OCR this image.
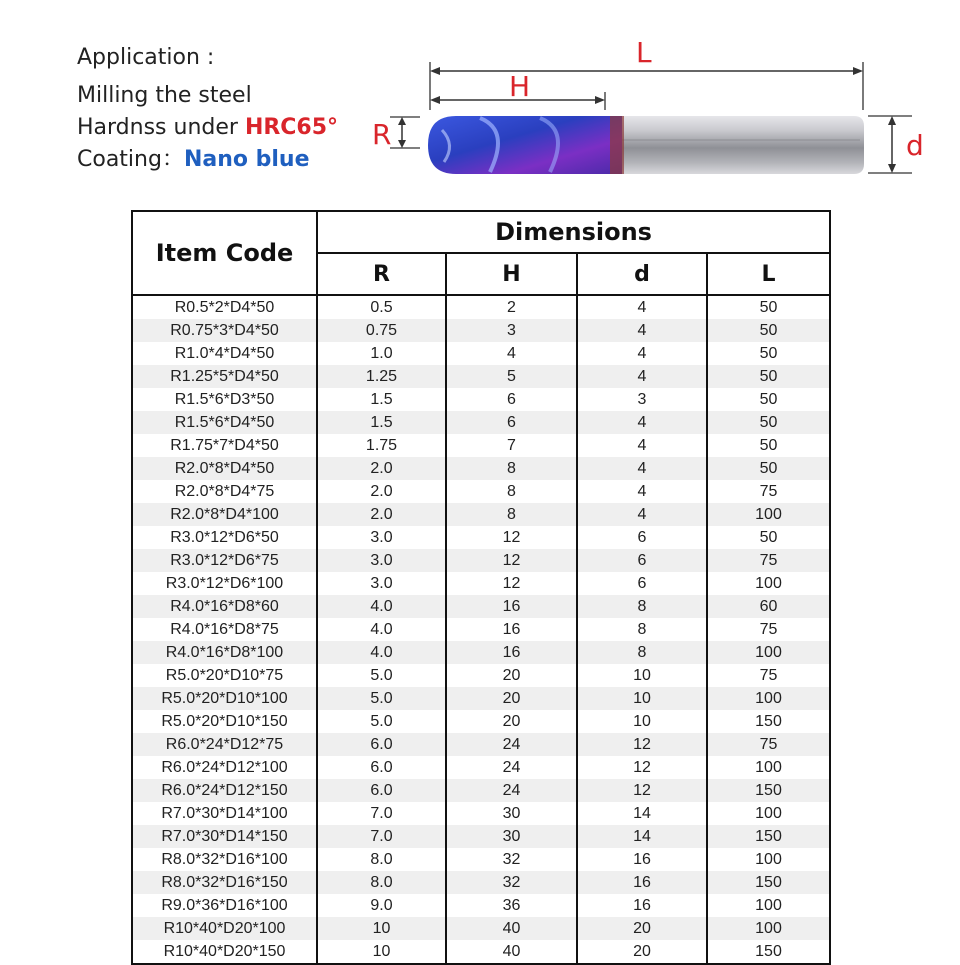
Application :
Milling the steel
Hardnss under HRC65°
Coating：Nano blue
L
H
R	d
Item Code	Dimensions			
	R	H	d	L
R0.5*2*D4*50	0.5	2	4	50
R0.75*3*D4*50	0.75	3	4	50
R1.0*4*D4*50	1.0	4	4	50
R1.25*5*D4*50	1.25	5	4	50
R1.5*6*D3*50	1.5	6	3	50
R1.5*6*D4*50	1.5	6	4	50
R1.75*7*D4*50	1.75	7	4	50
R2.0*8*D4*50	2.0	8	4	50
R2.0*8*D4*75	2.0	8	4	75
R2.0*8*D4*100	2.0	8	4	100
R3.0*12*D6*50	3.0	12	6	50
R3.0*12*D6*75	3.0	12	6	75
R3.0*12*D6*100	3.0	12	6	100
R4.0*16*D8*60	4.0	16	8	60
R4.0*16*D8*75	4.0	16	8	75
R4.0*16*D8*100	4.0	16	8	100
R5.0*20*D10*75	5.0	20	10	75
R5.0*20*D10*100	5.0	20	10	100
R5.0*20*D10*150	5.0	20	10	150
R6.0*24*D12*75	6.0	24	12	75
R6.0*24*D12*100	6.0	24	12	100
R6.0*24*D12*150	6.0	24	12	150
R7.0*30*D14*100	7.0	30	14	100
R7.0*30*D14*150	7.0	30	14	150
R8.0*32*D16*100	8.0	32	16	100
R8.0*32*D16*150	8.0	32	16	150
R9.0*36*D16*100	9.0	36	16	100
R10*40*D20*100	10	40	20	100
R10*40*D20*150	10	40	20	150
